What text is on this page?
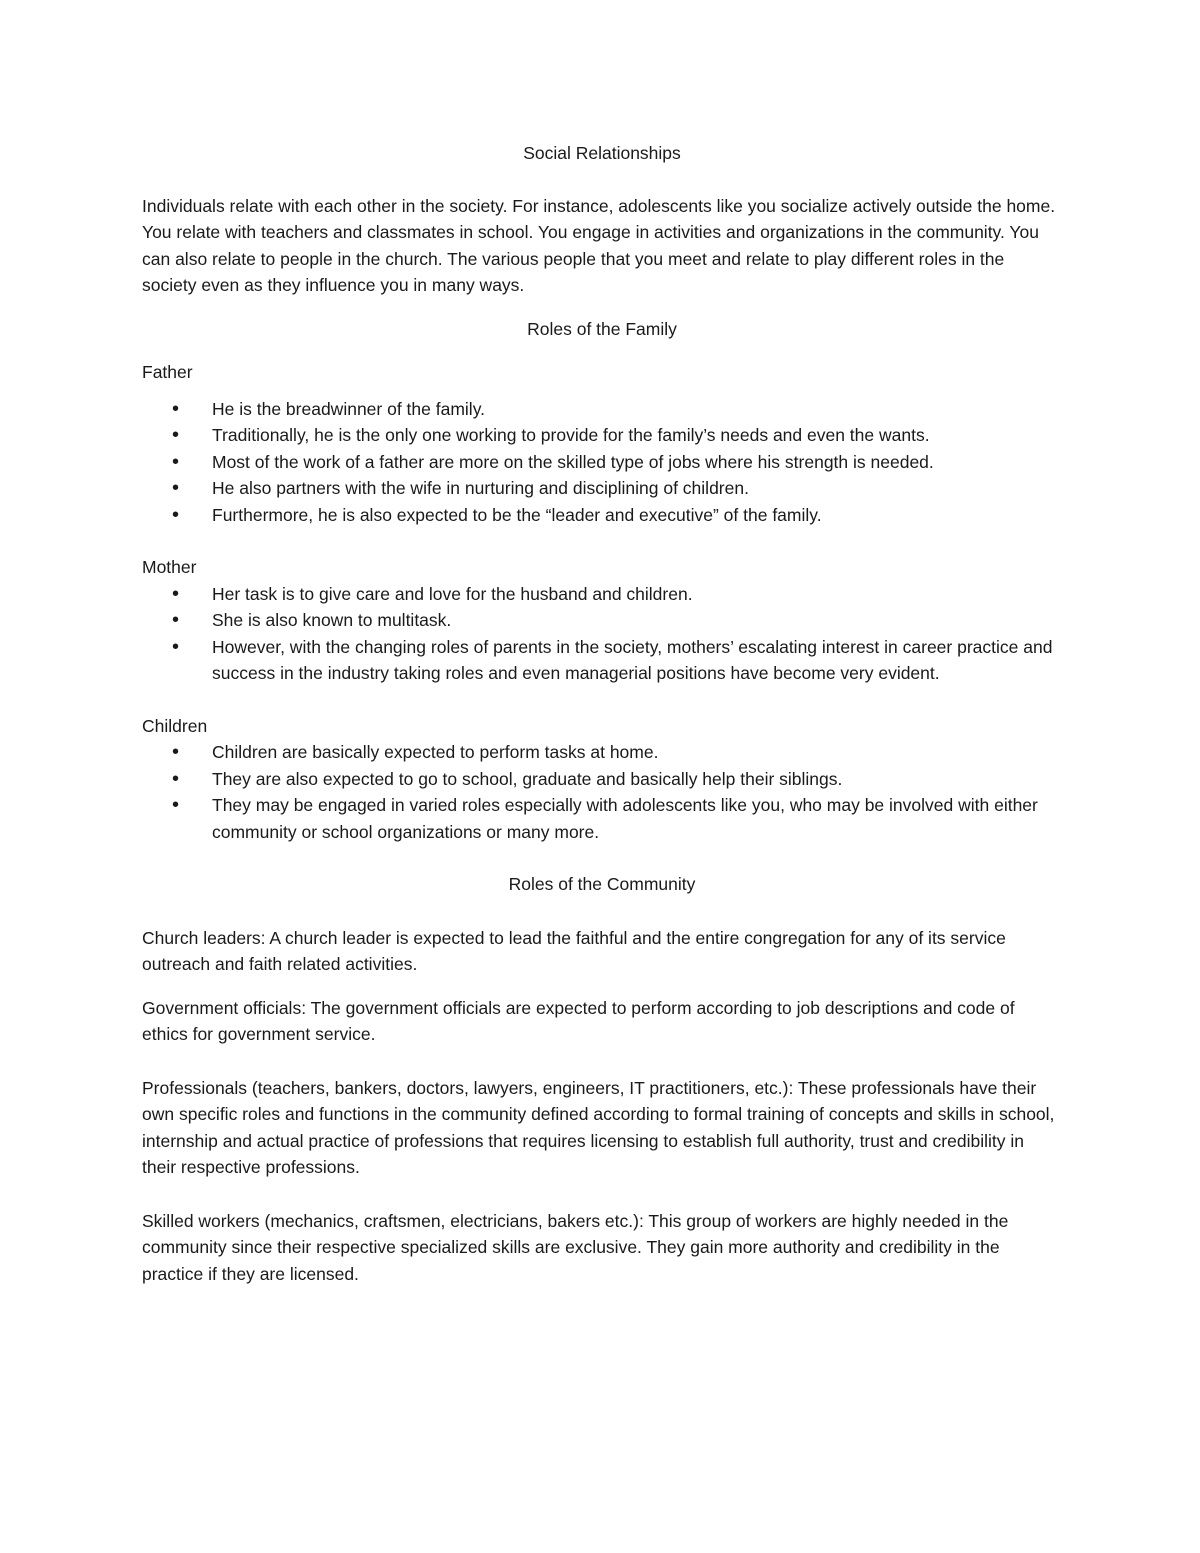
Social Relationships

Individuals relate with each other in the society. For instance, adolescents like you socialize actively outside the home. You relate with teachers and classmates in school. You engage in activities and organizations in the community. You can also relate to people in the church. The various people that you meet and relate to play different roles in the society even as they influence you in many ways.

Roles of the Family

Father

• He is the breadwinner of the family.
• Traditionally, he is the only one working to provide for the family’s needs and even the wants.
• Most of the work of a father are more on the skilled type of jobs where his strength is needed.
• He also partners with the wife in nurturing and disciplining of children.
• Furthermore, he is also expected to be the “leader and executive” of the family.

Mother

• Her task is to give care and love for the husband and children.
• She is also known to multitask.
• However, with the changing roles of parents in the society, mothers’ escalating interest in career practice and success in the industry taking roles and even managerial positions have become very evident.

Children

• Children are basically expected to perform tasks at home.
• They are also expected to go to school, graduate and basically help their siblings.
• They may be engaged in varied roles especially with adolescents like you, who may be involved with either community or school organizations or many more.

Roles of the Community

Church leaders: A church leader is expected to lead the faithful and the entire congregation for any of its service outreach and faith related activities.

Government officials: The government officials are expected to perform according to job descriptions and code of ethics for government service.

Professionals (teachers, bankers, doctors, lawyers, engineers, IT practitioners, etc.): These professionals have their own specific roles and functions in the community defined according to formal training of concepts and skills in school, internship and actual practice of professions that requires licensing to establish full authority, trust and credibility in their respective professions.

Skilled workers (mechanics, craftsmen, electricians, bakers etc.): This group of workers are highly needed in the community since their respective specialized skills are exclusive. They gain more authority and credibility in the practice if they are licensed.
